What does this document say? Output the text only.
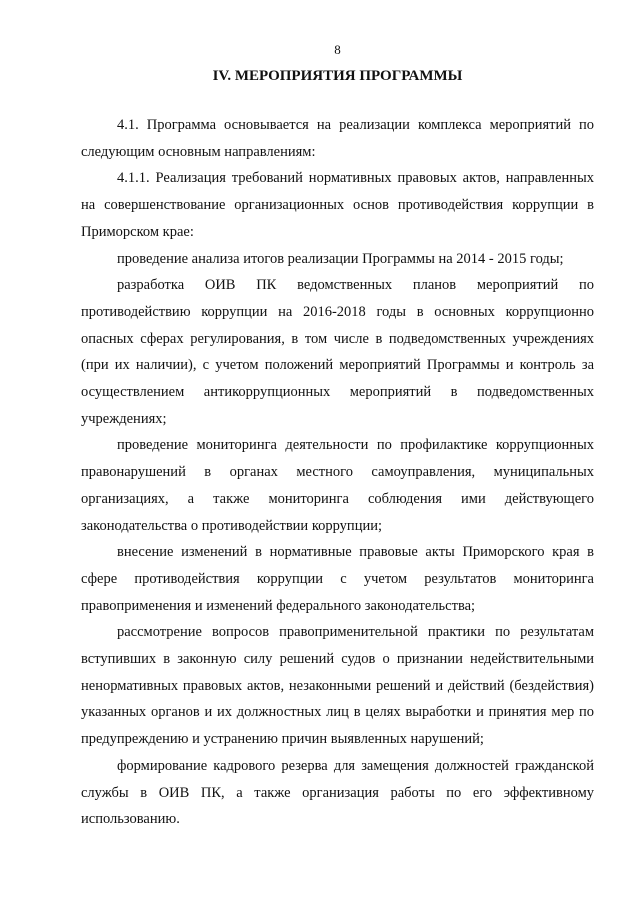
8
IV. МЕРОПРИЯТИЯ ПРОГРАММЫ

4.1. Программа основывается на реализации комплекса мероприятий по следующим основным направлениям:

4.1.1. Реализация требований нормативных правовых актов, направленных на совершенствование организационных основ противодействия коррупции в Приморском крае:

проведение анализа итогов реализации Программы на 2014 - 2015 годы;

разработка ОИВ ПК ведомственных планов мероприятий по противодействию коррупции на 2016-2018 годы в основных коррупционно опасных сферах регулирования, в том числе в подведомственных учреждениях (при их наличии), с учетом положений мероприятий Программы и контроль за осуществлением антикоррупционных мероприятий в подведомственных учреждениях;

проведение мониторинга деятельности по профилактике коррупционных правонарушений в органах местного самоуправления, муниципальных организациях, а также мониторинга соблюдения ими действующего законодательства о противодействии коррупции;

внесение изменений в нормативные правовые акты Приморского края в сфере противодействия коррупции с учетом результатов мониторинга правоприменения и изменений федерального законодательства;

рассмотрение вопросов правоприменительной практики по результатам вступивших в законную силу решений судов о признании недействительными ненормативных правовых актов, незаконными решений и действий (бездействия) указанных органов и их должностных лиц в целях выработки и принятия мер по предупреждению и устранению причин выявленных нарушений;

формирование кадрового резерва для замещения должностей гражданской службы в ОИВ ПК, а также организация работы по его эффективному использованию.
